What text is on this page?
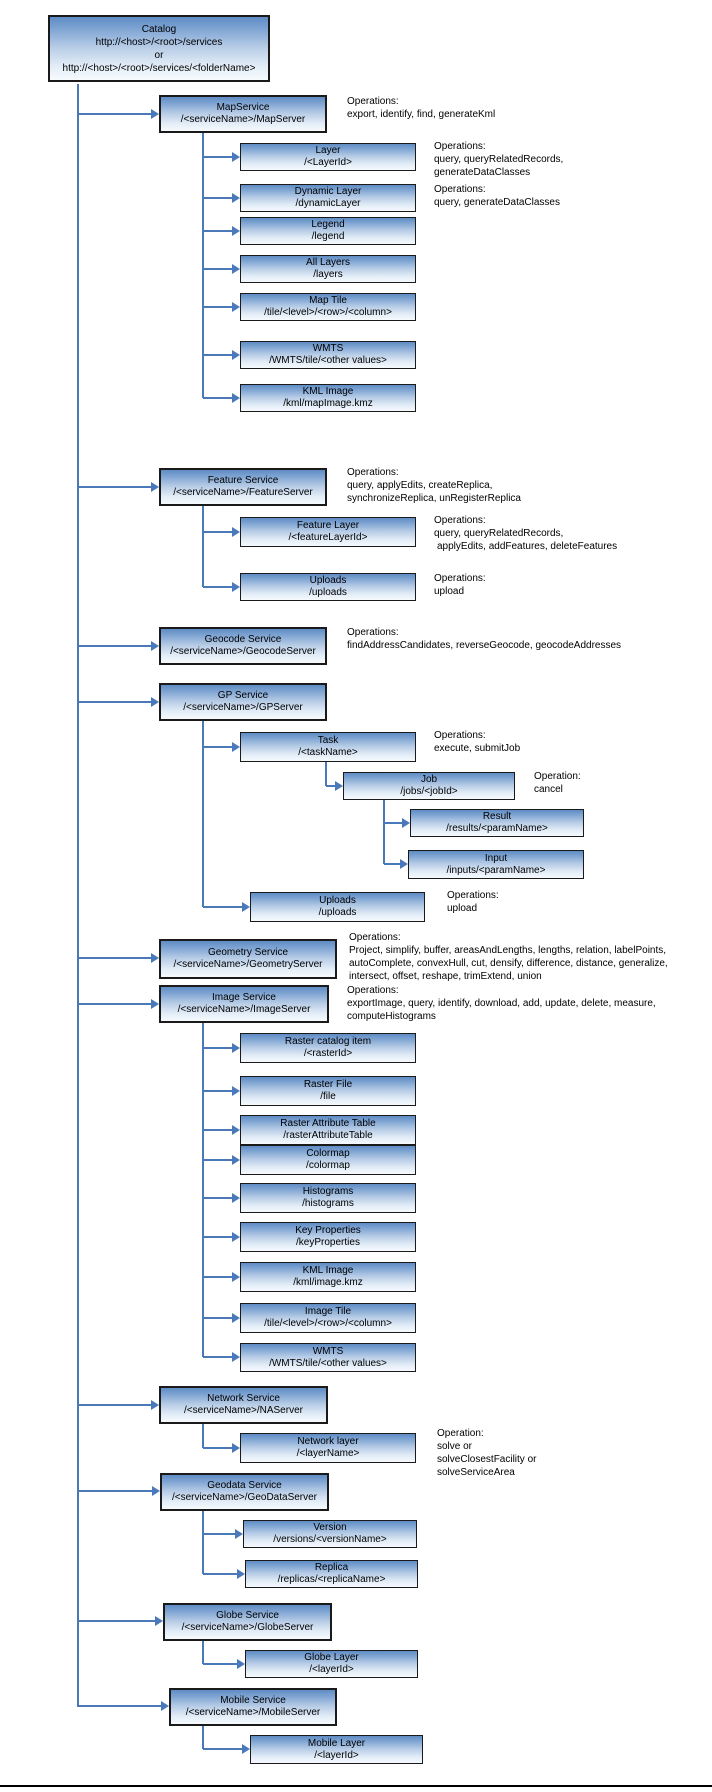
Catalog
http://<host>/<root>/services
or
http://<host>/<root>/services/<folderName>
MapService
/<serviceName>/MapServer
Feature Service
/<serviceName>/FeatureServer
Geocode Service
/<serviceName>/GeocodeServer
GP Service
/<serviceName>/GPServer
Geometry Service
/<serviceName>/GeometryServer
Image Service
/<serviceName>/ImageServer
Network Service
/<serviceName>/NAServer
Geodata Service
/<serviceName>/GeoDataServer
Globe Service
/<serviceName>/GlobeServer
Mobile Service
/<serviceName>/MobileServer
Layer
/<LayerId>
Dynamic Layer
/dynamicLayer
Legend
/legend
All Layers
/layers
Map Tile
/tile/<level>/<row>/<column>
WMTS
/WMTS/tile/<other values>
KML Image
/kml/mapImage.kmz
Feature Layer
/<featureLayerId>
Uploads
/uploads
Task
/<taskName>
Job
/jobs/<jobId>
Result
/results/<paramName>
Input
/inputs/<paramName>
Uploads
/uploads
Raster catalog item
/<rasterId>
Raster File
/file
Raster Attribute Table
/rasterAttributeTable
Colormap
/colormap
Histograms
/histograms
Key Properties
/keyProperties
KML Image
/kml/image.kmz
Image Tile
/tile/<level>/<row>/<column>
WMTS
/WMTS/tile/<other values>
Network layer
/<layerName>
Version
/versions/<versionName>
Replica
/replicas/<replicaName>
Globe Layer
/<layerId>
Mobile Layer
/<layerId>
Operations:
export, identify, find, generateKml
Operations:
query, queryRelatedRecords,
generateDataClasses
Operations:
query, generateDataClasses
Operations:
query, applyEdits, createReplica,
synchronizeReplica, unRegisterReplica
Operations:
query, queryRelatedRecords,
applyEdits, addFeatures, deleteFeatures
Operations:
upload
Operations:
findAddressCandidates, reverseGeocode, geocodeAddresses
Operations:
execute, submitJob
Operation:
cancel
Operations:
upload
Operations:
Project, simplify, buffer, areasAndLengths, lengths, relation, labelPoints,
autoComplete, convexHull, cut, densify, difference, distance, generalize,
intersect, offset, reshape, trimExtend, union
Operations:
exportImage, query, identify, download, add, update, delete, measure,
computeHistograms
Operation:
solve or
solveClosestFacility or
solveServiceArea
